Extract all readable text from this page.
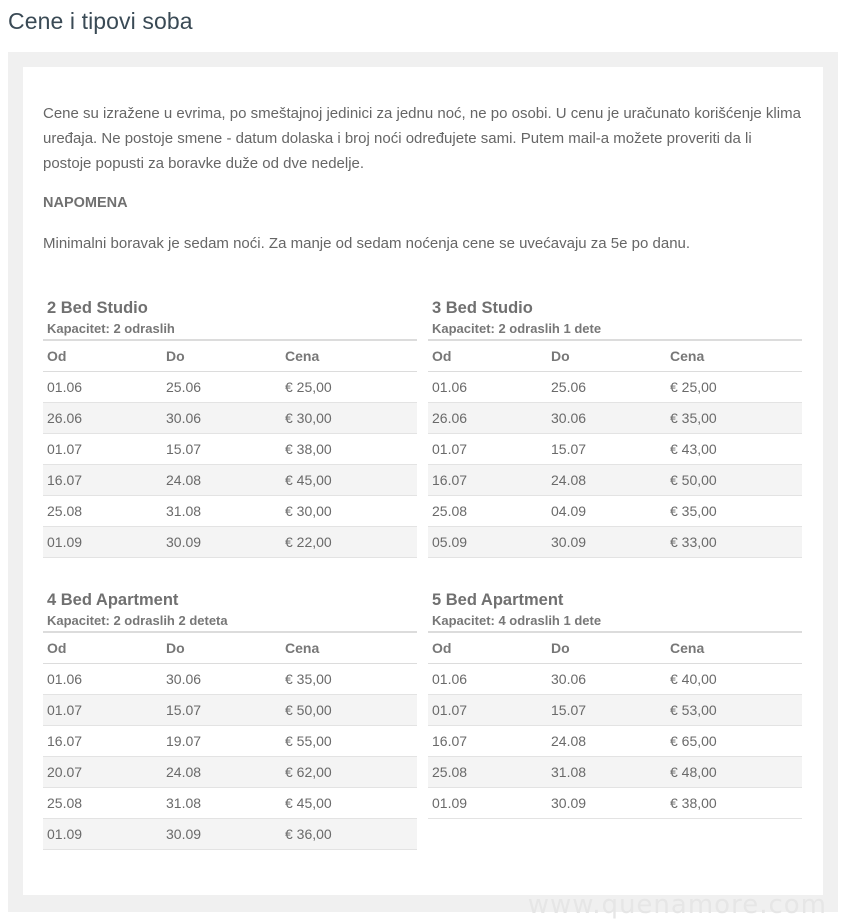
Cene i tipovi soba

Cene su izražene u evrima, po smeštajnoj jedinici za jednu noć, ne po osobi. U cenu je uračunato korišćenje klima uređaja. Ne postoje smene - datum dolaska i broj noći određujete sami. Putem mail-a možete proveriti da li postoje popusti za boravke duže od dve nedelje.

NAPOMENA

Minimalni boravak je sedam noći. Za manje od sedam noćenja cene se uvećavaju za 5e po danu.

2 Bed Studio
Kapacitet: 2 odraslih
Od	Do	Cena
01.06	25.06	€ 25,00
26.06	30.06	€ 30,00
01.07	15.07	€ 38,00
16.07	24.08	€ 45,00
25.08	31.08	€ 30,00
01.09	30.09	€ 22,00
3 Bed Studio
Kapacitet: 2 odraslih 1 dete
Od	Do	Cena
01.06	25.06	€ 25,00
26.06	30.06	€ 35,00
01.07	15.07	€ 43,00
16.07	24.08	€ 50,00
25.08	04.09	€ 35,00
05.09	30.09	€ 33,00
4 Bed Apartment
Kapacitet: 2 odraslih 2 deteta
Od	Do	Cena
01.06	30.06	€ 35,00
01.07	15.07	€ 50,00
16.07	19.07	€ 55,00
20.07	24.08	€ 62,00
25.08	31.08	€ 45,00
01.09	30.09	€ 36,00
5 Bed Apartment
Kapacitet: 4 odraslih 1 dete
Od	Do	Cena
01.06	30.06	€ 40,00
01.07	15.07	€ 53,00
16.07	24.08	€ 65,00
25.08	31.08	€ 48,00
01.09	30.09	€ 38,00
www.quenamore.com
